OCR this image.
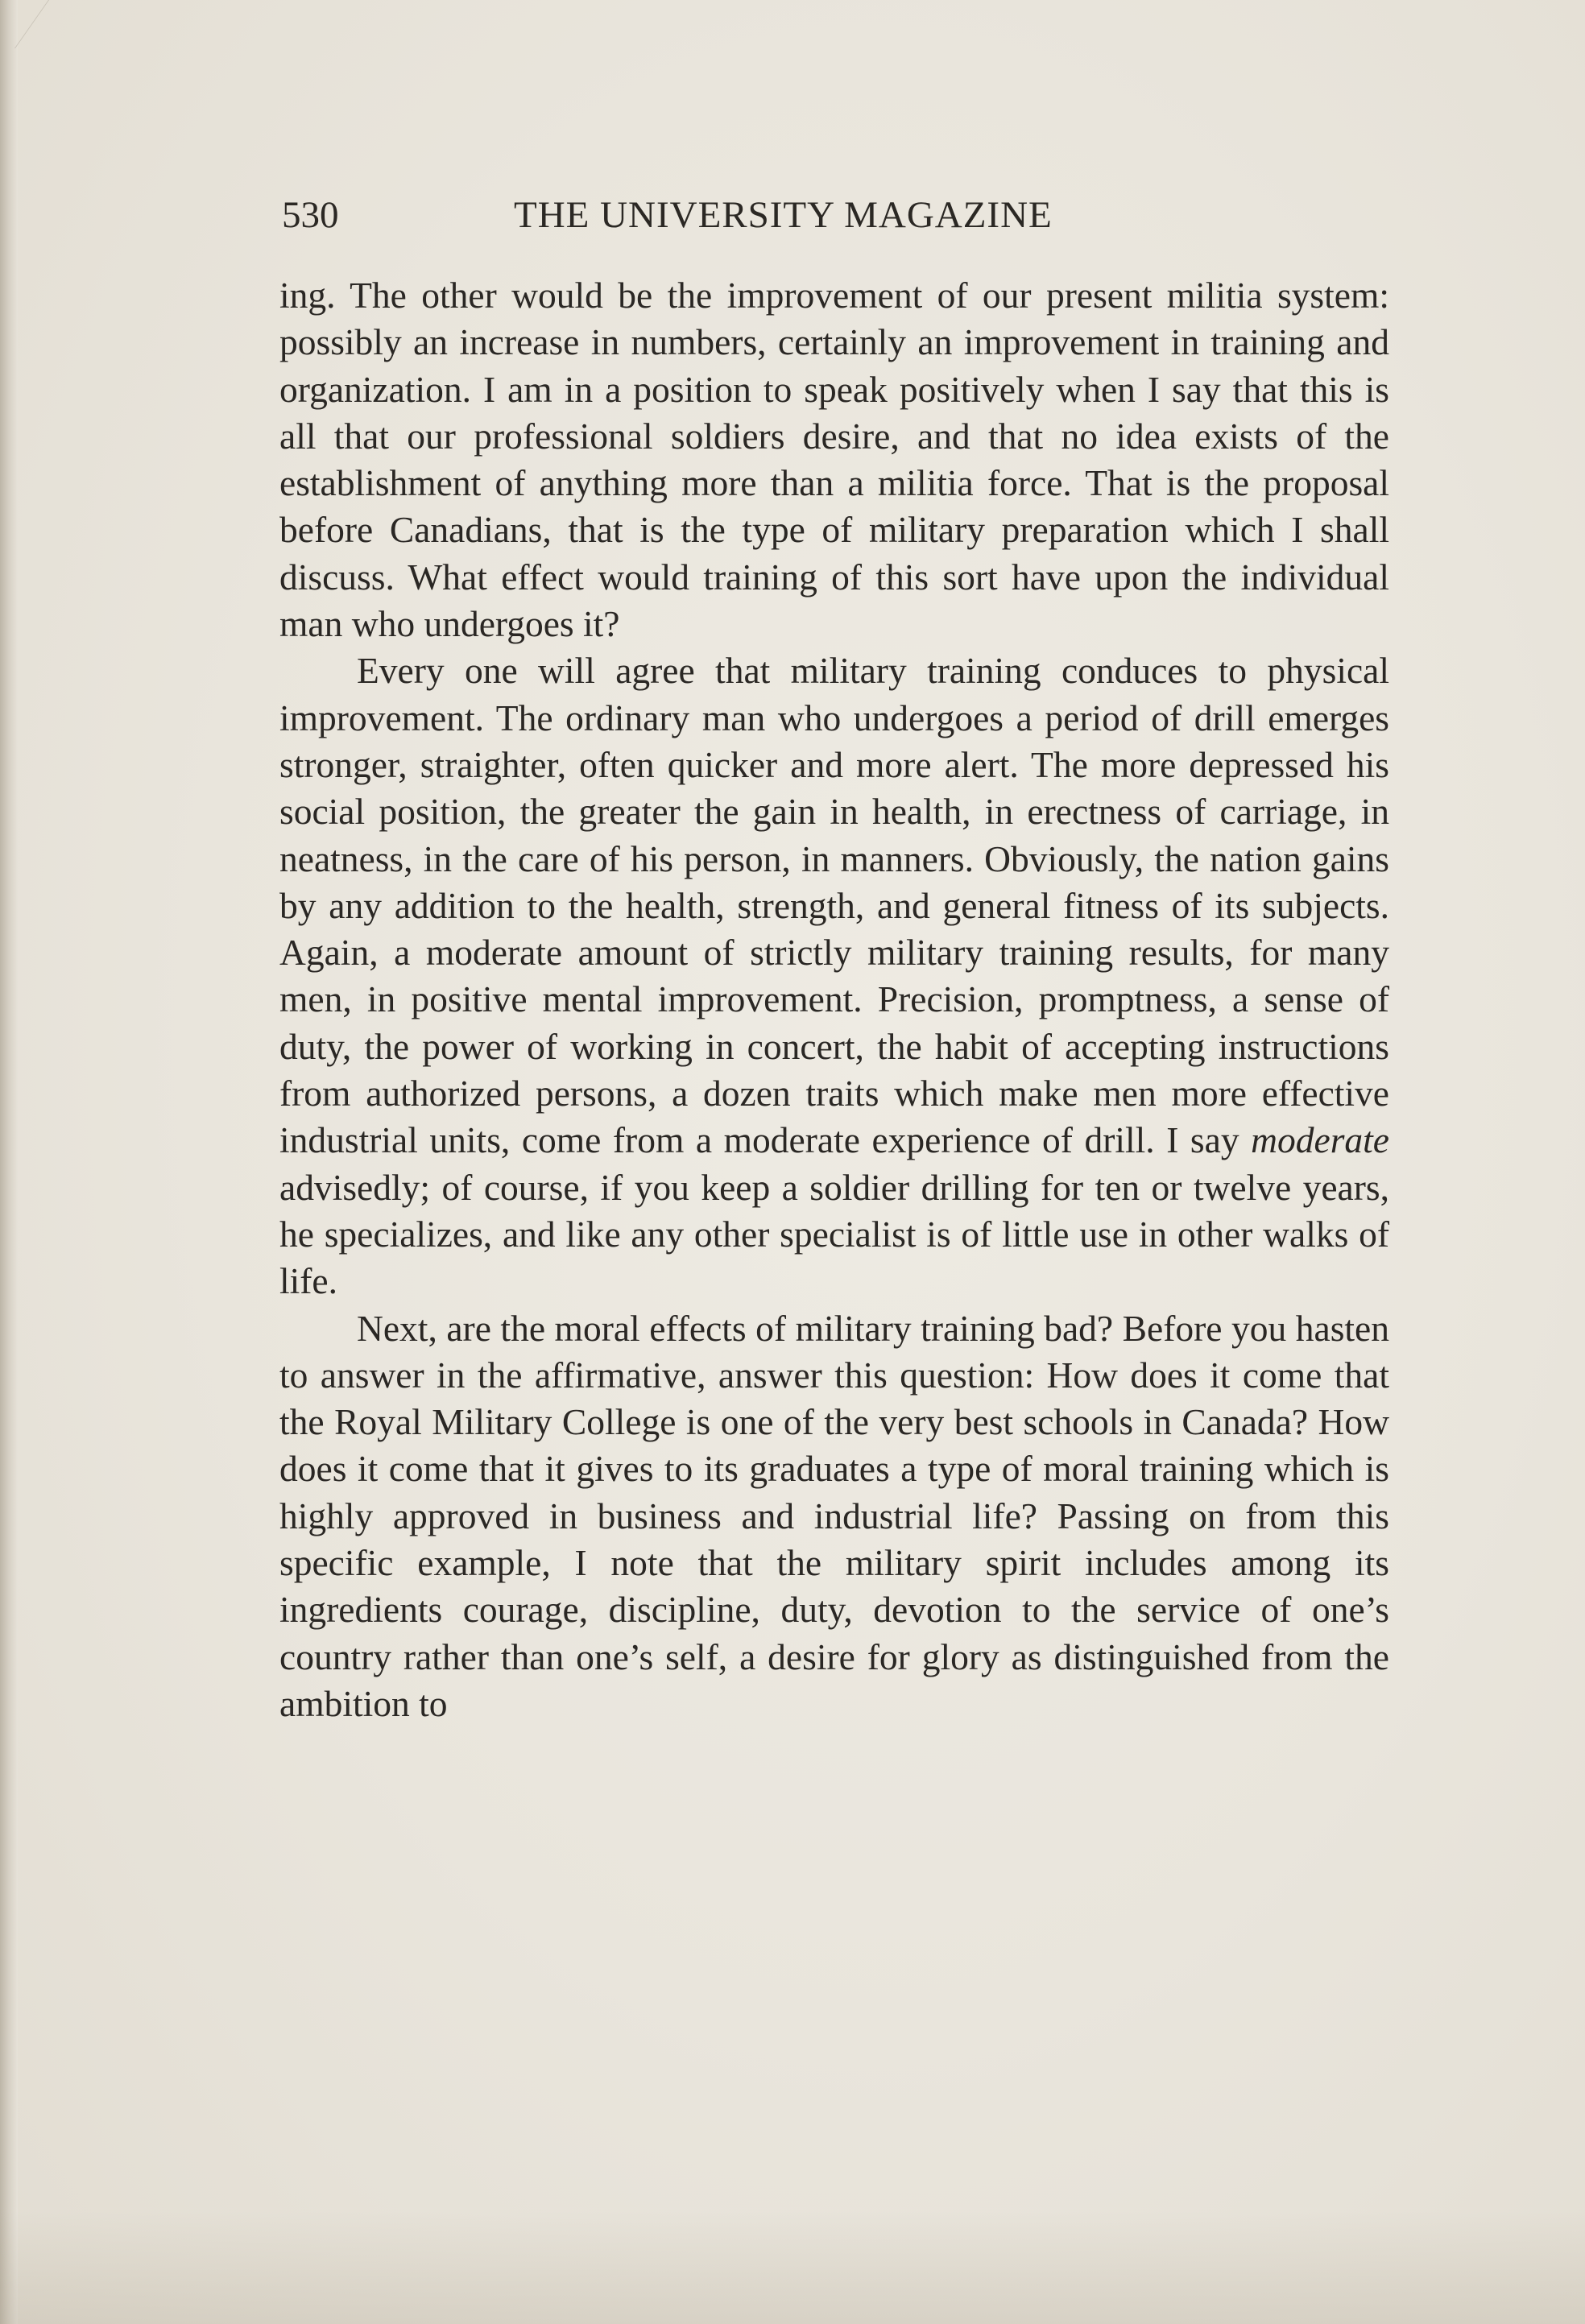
530	THE UNIVERSITY MAGAZINE

ing. The other would be the improvement of our present militia system: possibly an increase in numbers, certainly an improvement in training and organization. I am in a position to speak positively when I say that this is all that our professional soldiers desire, and that no idea exists of the establishment of anything more than a militia force. That is the proposal before Canadians, that is the type of military preparation which I shall discuss. What effect would training of this sort have upon the individual man who undergoes it?

Every one will agree that military training conduces to physical improvement. The ordinary man who undergoes a period of drill emerges stronger, straighter, often quicker and more alert. The more depressed his social position, the greater the gain in health, in erectness of carriage, in neatness, in the care of his person, in manners. Obviously, the nation gains by any addition to the health, strength, and general fitness of its subjects. Again, a moderate amount of strictly military training results, for many men, in positive mental improvement. Precision, promptness, a sense of duty, the power of working in concert, the habit of accepting instructions from authorized persons, a dozen traits which make men more effective industrial units, come from a moderate experience of drill. I say moderate advisedly; of course, if you keep a soldier drilling for ten or twelve years, he specializes, and like any other specialist is of little use in other walks of life.

Next, are the moral effects of military training bad? Before you hasten to answer in the affirmative, answer this question: How does it come that the Royal Military College is one of the very best schools in Canada? How does it come that it gives to its graduates a type of moral training which is highly approved in business and industrial life? Passing on from this specific example, I note that the military spirit includes among its ingredients courage, discipline, duty, devotion to the service of one’s country rather than one’s self, a desire for glory as distinguished from the ambition to
